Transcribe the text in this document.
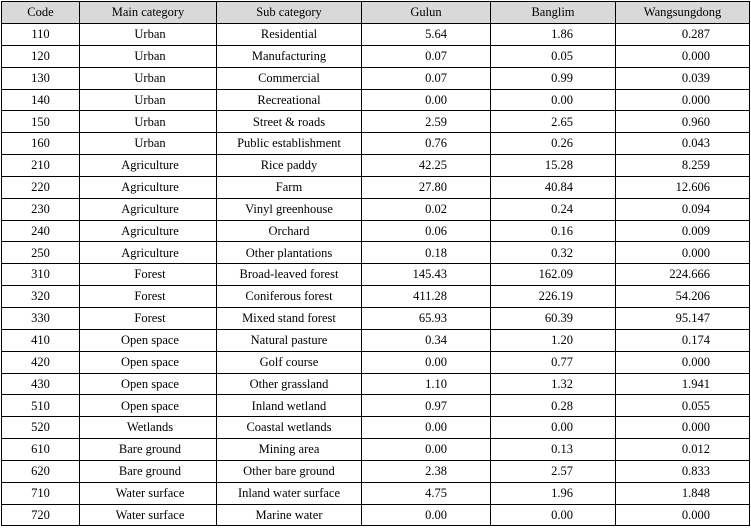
Code	Main category	Sub category	Gulun	Banglim	Wangsungdong
110	Urban	Residential	5.64	1.86	0.287
120	Urban	Manufacturing	0.07	0.05	0.000
130	Urban	Commercial	0.07	0.99	0.039
140	Urban	Recreational	0.00	0.00	0.000
150	Urban	Street & roads	2.59	2.65	0.960
160	Urban	Public establishment	0.76	0.26	0.043
210	Agriculture	Rice paddy	42.25	15.28	8.259
220	Agriculture	Farm	27.80	40.84	12.606
230	Agriculture	Vinyl greenhouse	0.02	0.24	0.094
240	Agriculture	Orchard	0.06	0.16	0.009
250	Agriculture	Other plantations	0.18	0.32	0.000
310	Forest	Broad-leaved forest	145.43	162.09	224.666
320	Forest	Coniferous forest	411.28	226.19	54.206
330	Forest	Mixed stand forest	65.93	60.39	95.147
410	Open space	Natural pasture	0.34	1.20	0.174
420	Open space	Golf course	0.00	0.77	0.000
430	Open space	Other grassland	1.10	1.32	1.941
510	Open space	Inland wetland	0.97	0.28	0.055
520	Wetlands	Coastal wetlands	0.00	0.00	0.000
610	Bare ground	Mining area	0.00	0.13	0.012
620	Bare ground	Other bare ground	2.38	2.57	0.833
710	Water surface	Inland water surface	4.75	1.96	1.848
720	Water surface	Marine water	0.00	0.00	0.000
